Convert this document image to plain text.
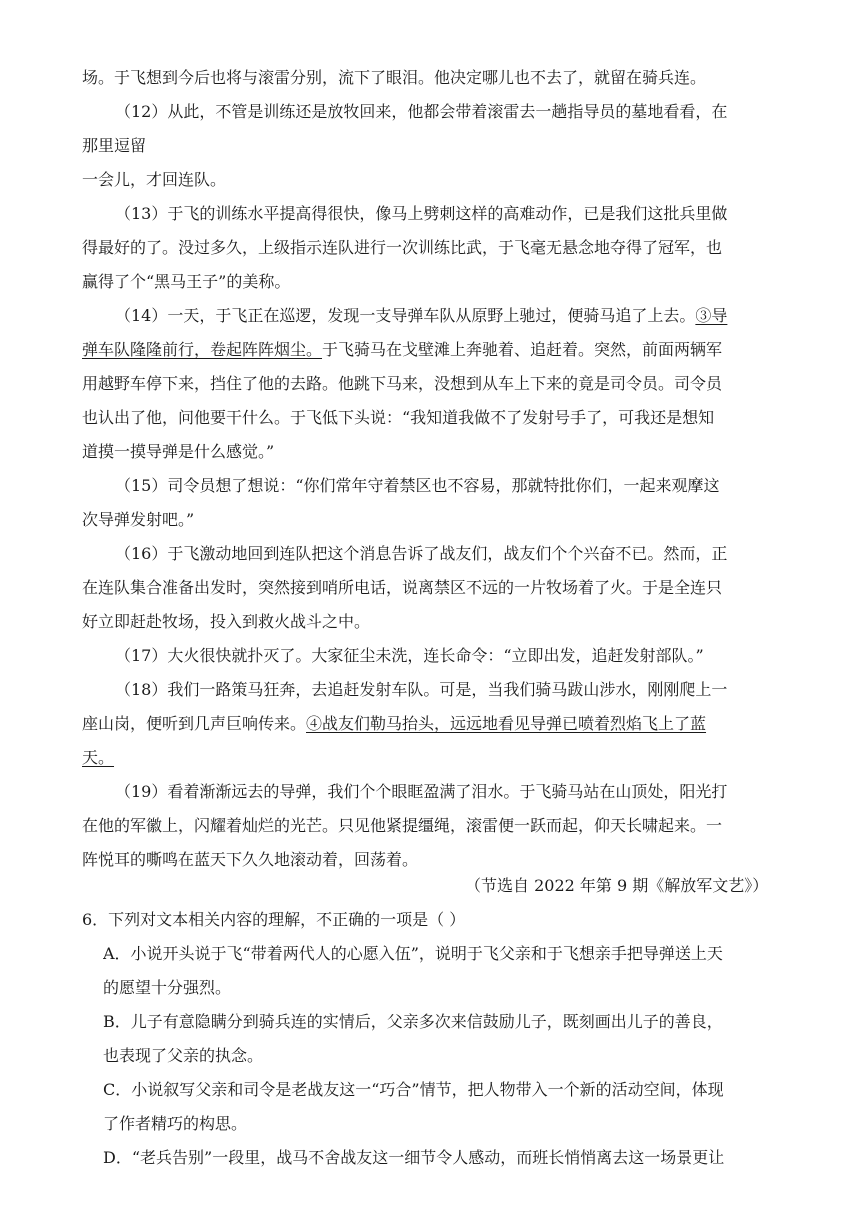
场。于飞想到今后也将与滚雷分别，流下了眼泪。他决定哪儿也不去了，就留在骑兵连。
（12）从此，不管是训练还是放牧回来，他都会带着滚雷去一趟指导员的墓地看看，在
那里逗留
一会儿，才回连队。
（13）于飞的训练水平提高得很快，像马上劈刺这样的高难动作，已是我们这批兵里做
得最好的了。没过多久，上级指示连队进行一次训练比武，于飞毫无悬念地夺得了冠军，也
赢得了个“黑马王子”的美称。
（14）一天，于飞正在巡逻，发现一支导弹车队从原野上驰过，便骑马追了上去。③导
弹车队隆隆前行，卷起阵阵烟尘。于飞骑马在戈壁滩上奔驰着、追赶着。突然，前面两辆军
用越野车停下来，挡住了他的去路。他跳下马来，没想到从车上下来的竟是司令员。司令员
也认出了他，问他要干什么。于飞低下头说：“我知道我做不了发射号手了，可我还是想知
道摸一摸导弹是什么感觉。”
（15）司令员想了想说：“你们常年守着禁区也不容易，那就特批你们，一起来观摩这
次导弹发射吧。”
（16）于飞激动地回到连队把这个消息告诉了战友们，战友们个个兴奋不已。然而，正
在连队集合准备出发时，突然接到哨所电话，说离禁区不远的一片牧场着了火。于是全连只
好立即赶赴牧场，投入到救火战斗之中。
（17）大火很快就扑灭了。大家征尘未洗，连长命令：“立即出发，追赶发射部队。”
（18）我们一路策马狂奔，去追赶发射车队。可是，当我们骑马跋山涉水，刚刚爬上一
座山岗，便听到几声巨响传来。④战友们勒马抬头，远远地看见导弹已喷着烈焰飞上了蓝
天。
（19）看着渐渐远去的导弹，我们个个眼眶盈满了泪水。于飞骑马站在山顶处，阳光打
在他的军徽上，闪耀着灿烂的光芒。只见他紧提缰绳，滚雷便一跃而起，仰天长啸起来。一
阵悦耳的嘶鸣在蓝天下久久地滚动着，回荡着。
（节选自 2022 年第 9 期《解放军文艺》）
6．下列对文本相关内容的理解，不正确的一项是（ ）
A．小说开头说于飞“带着两代人的心愿入伍”，说明于飞父亲和于飞想亲手把导弹送上天
的愿望十分强烈。
B．儿子有意隐瞒分到骑兵连的实情后，父亲多次来信鼓励儿子，既刻画出儿子的善良，
也表现了父亲的执念。
C．小说叙写父亲和司令是老战友这一“巧合”情节，把人物带入一个新的活动空间，体现
了作者精巧的构思。
D．“老兵告别”一段里，战马不舍战友这一细节令人感动，而班长悄悄离去这一场景更让
